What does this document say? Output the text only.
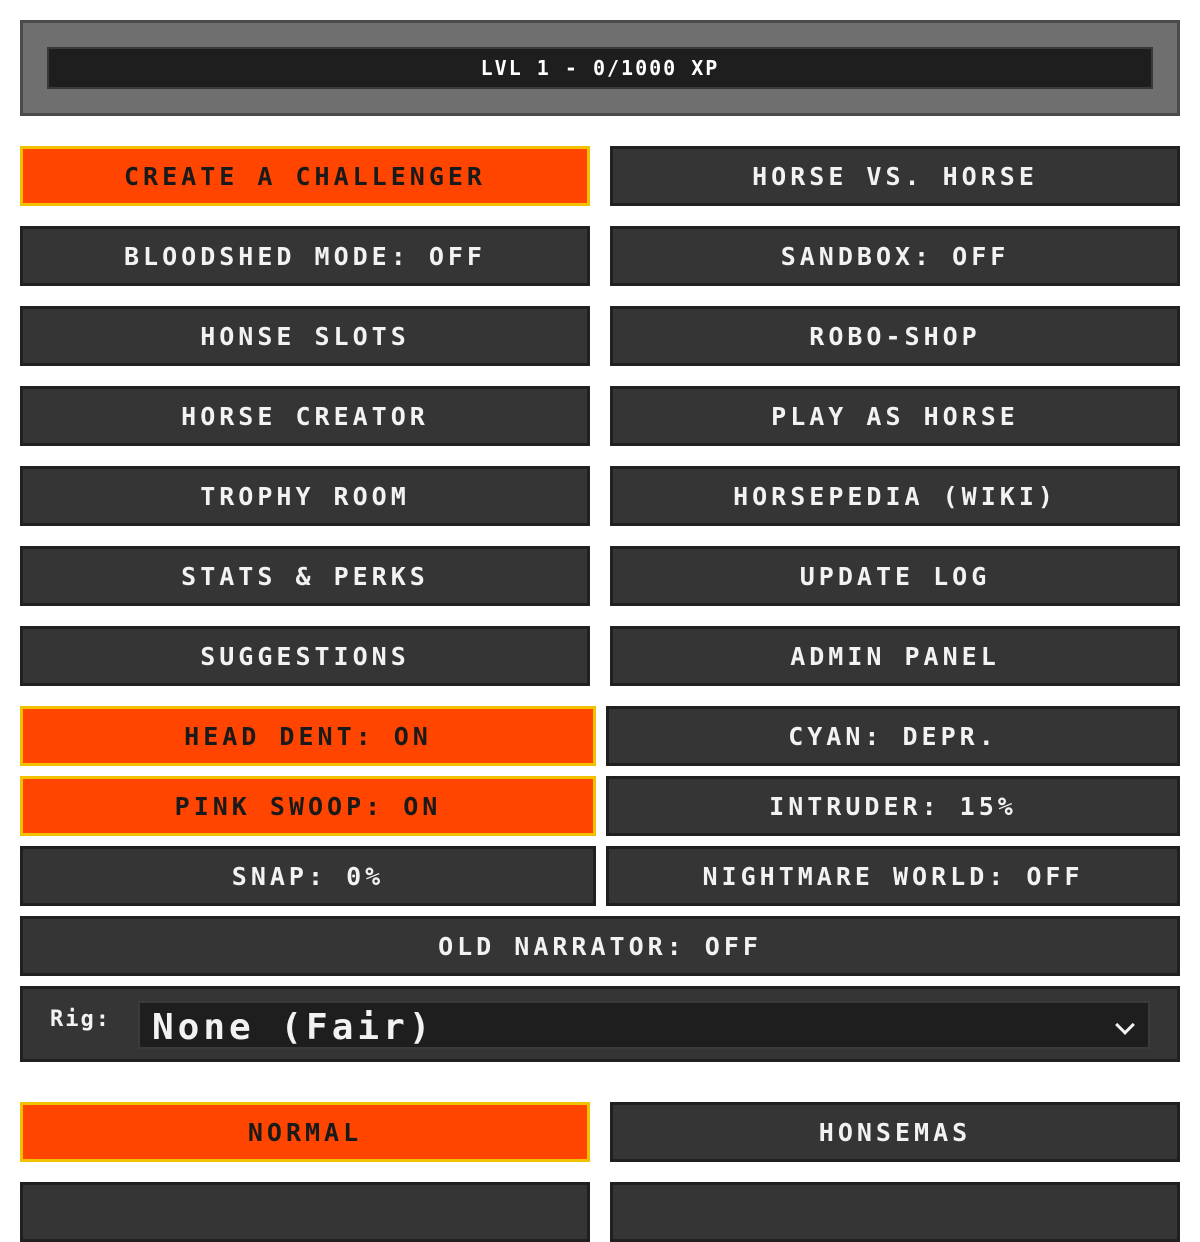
LVL 1 - 0/1000 XP
CREATE A CHALLENGER	HORSE VS. HORSE
BLOODSHED MODE: OFF	SANDBOX: OFF
HONSE SLOTS	ROBO-SHOP
HORSE CREATOR	PLAY AS HORSE
TROPHY ROOM	HORSEPEDIA (WIKI)
STATS & PERKS	UPDATE LOG
SUGGESTIONS	ADMIN PANEL
HEAD DENT: ON	CYAN: DEPR.
PINK SWOOP: ON	INTRUDER: 15%
SNAP: 0%	NIGHTMARE WORLD: OFF
OLD NARRATOR: OFF
NORMAL	HONSEMAS
Rig: None (Fair)
